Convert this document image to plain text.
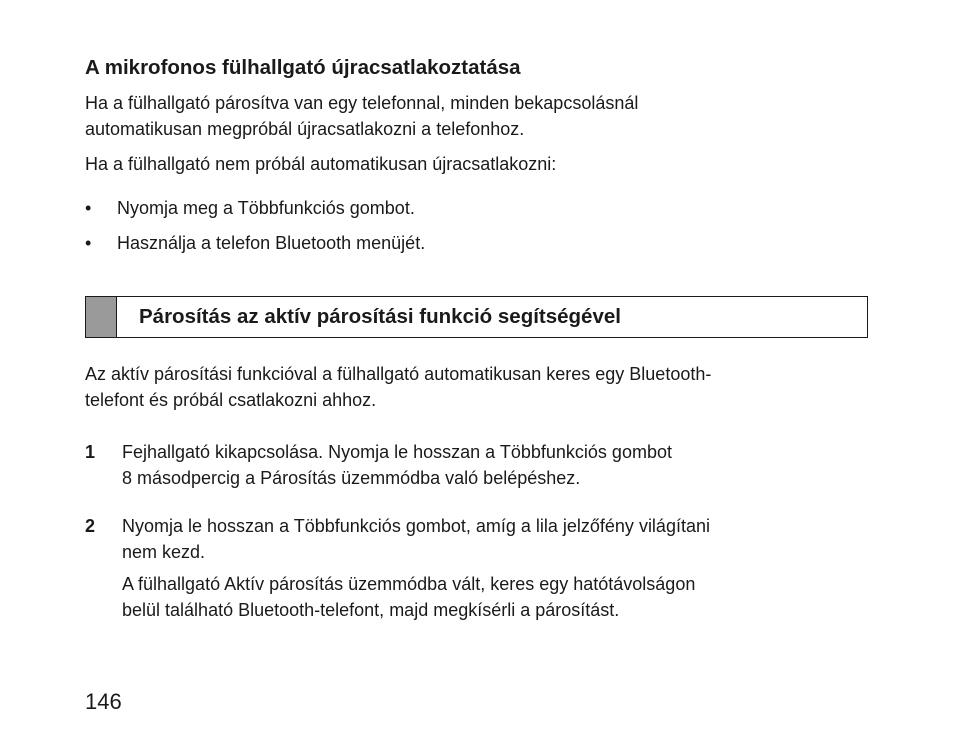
A mikrofonos fülhallgató újracsatlakoztatása
Ha a fülhallgató párosítva van egy telefonnal, minden bekapcsolásnál
automatikusan megpróbál újracsatlakozni a telefonhoz.
Ha a fülhallgató nem próbál automatikusan újracsatlakozni:
• Nyomja meg a Többfunkciós gombot.
• Használja a telefon Bluetooth menüjét.
Párosítás az aktív párosítási funkció segítségével
Az aktív párosítási funkcióval a fülhallgató automatikusan keres egy Bluetooth-
telefont és próbál csatlakozni ahhoz.
1 Fejhallgató kikapcsolása. Nyomja le hosszan a Többfunkciós gombot
8 másodpercig a Párosítás üzemmódba való belépéshez.
2 Nyomja le hosszan a Többfunkciós gombot, amíg a lila jelzőfény világítani
nem kezd.
A fülhallgató Aktív párosítás üzemmódba vált, keres egy hatótávolságon
belül található Bluetooth-telefont, majd megkísérli a párosítást.
146
